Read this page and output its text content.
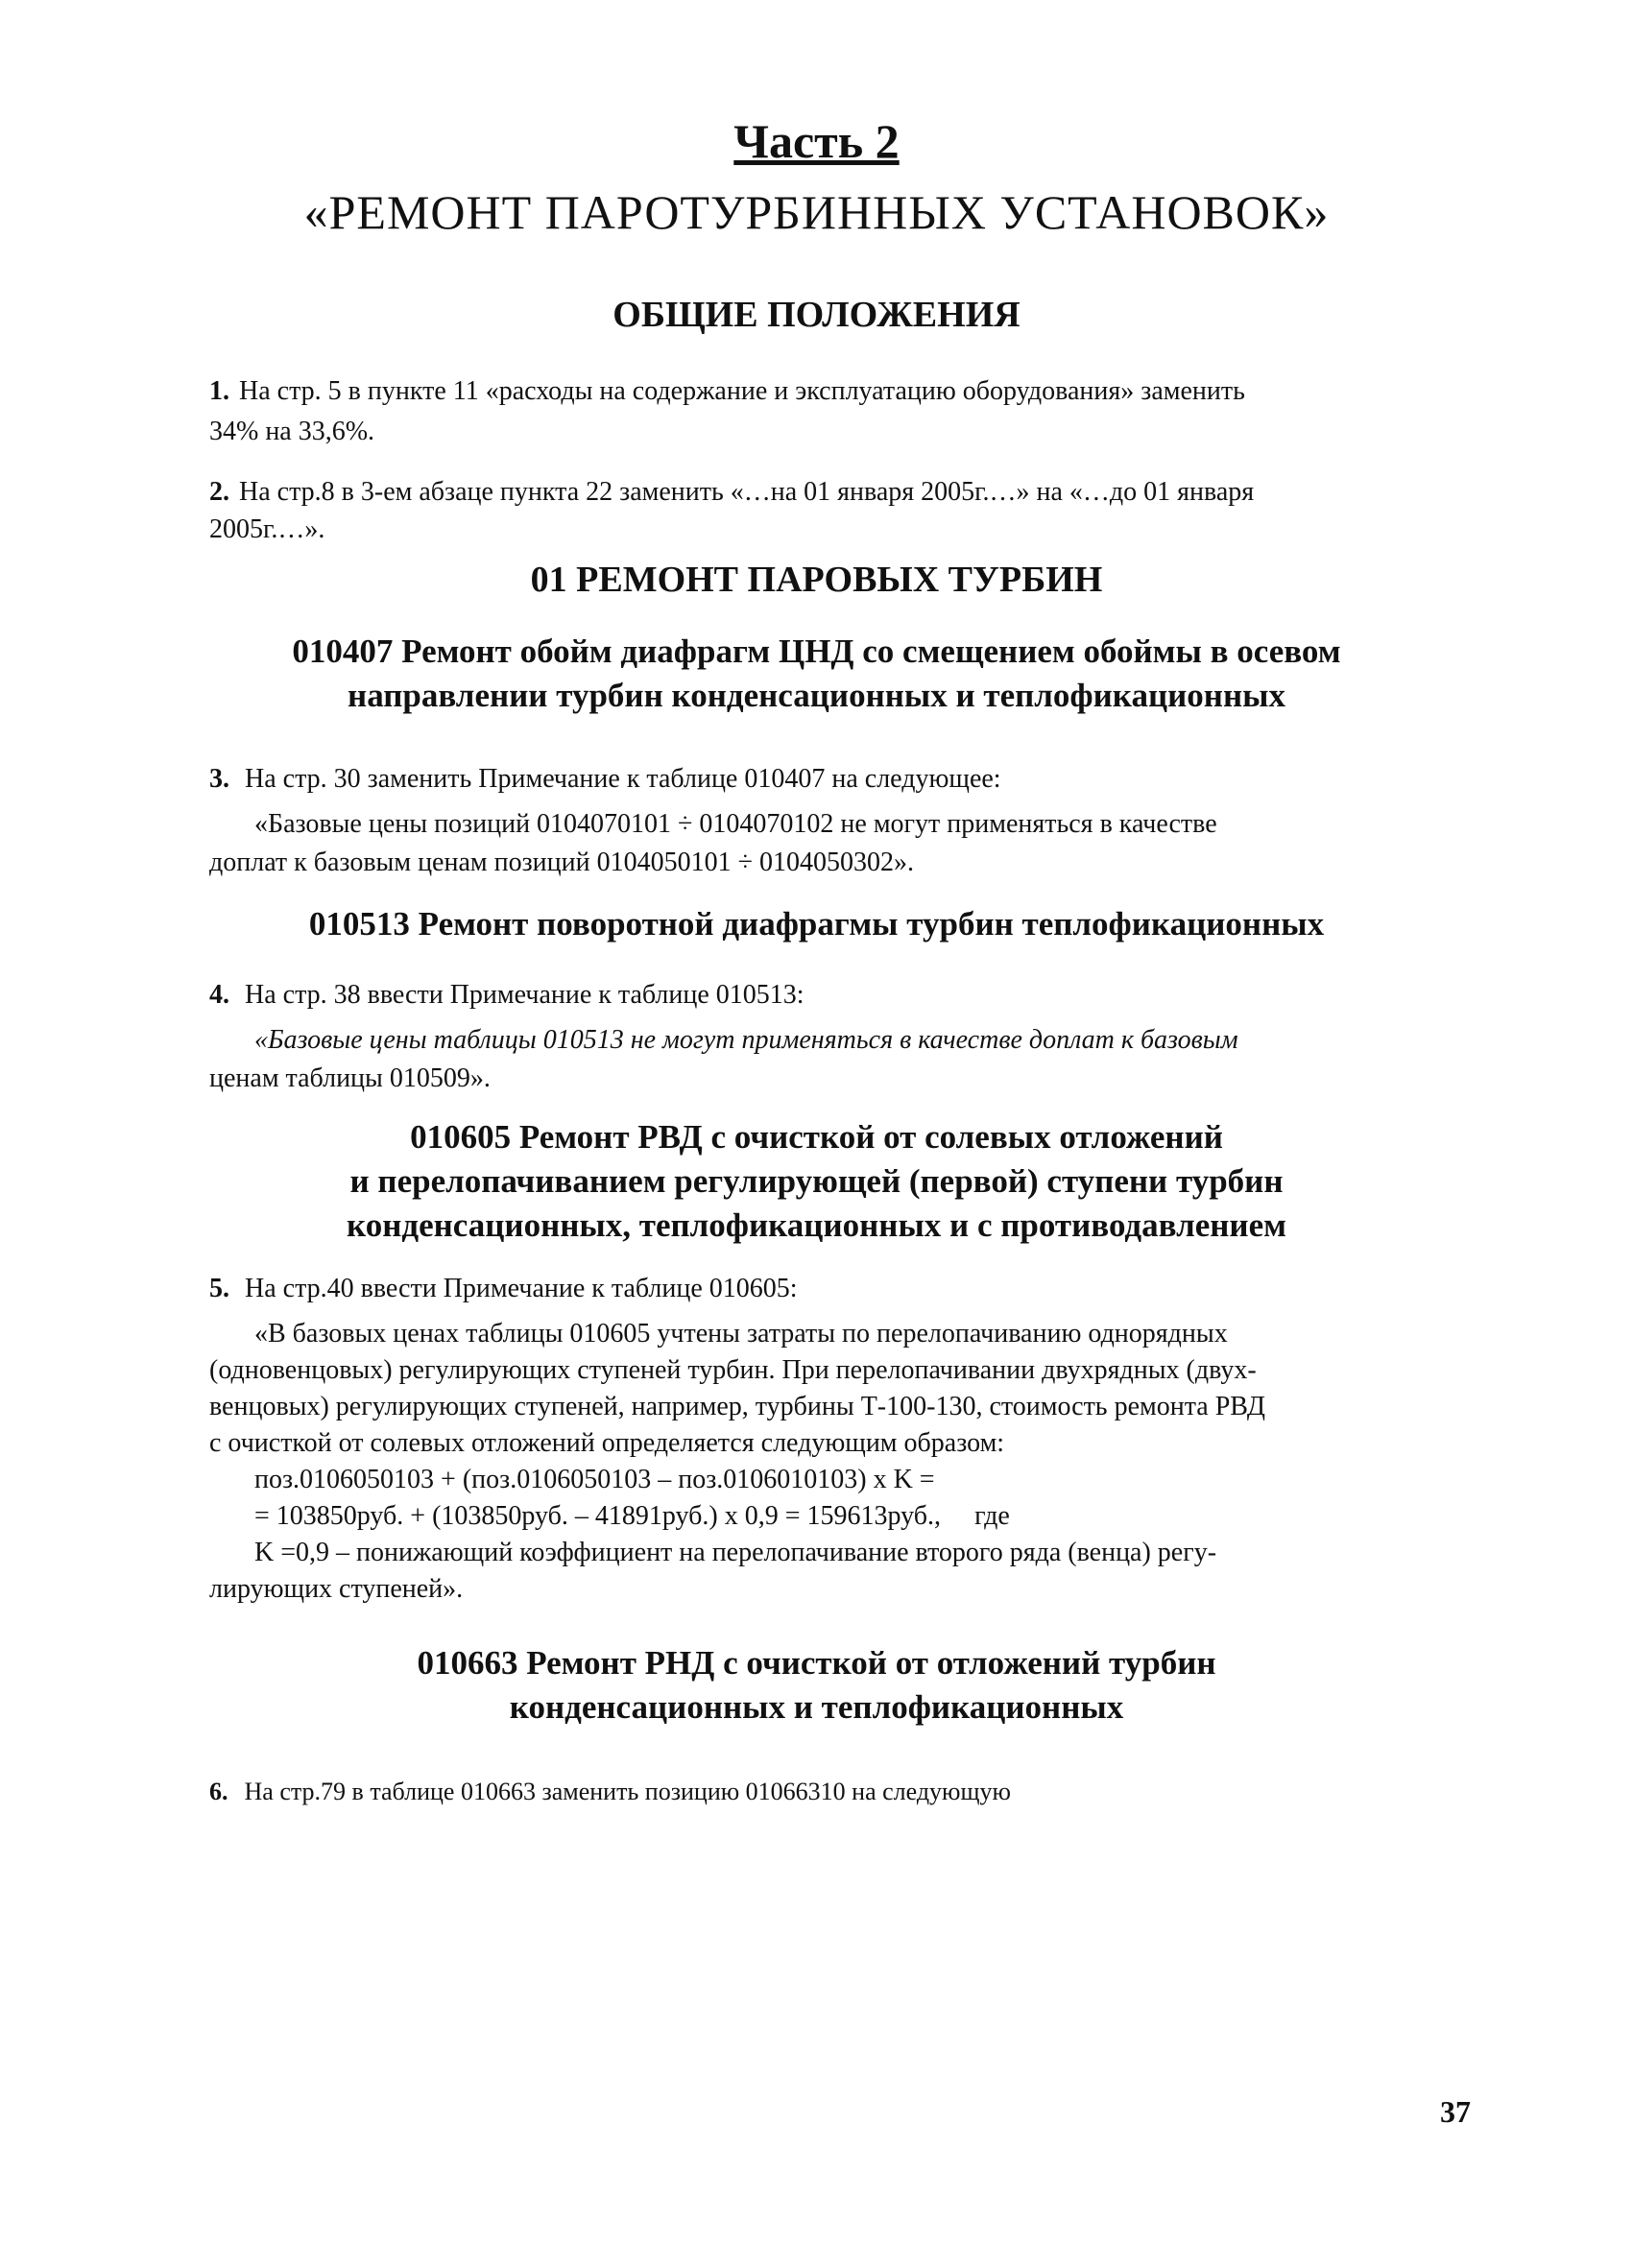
Часть 2
«РЕМОНТ ПАРОТУРБИННЫХ УСТАНОВОК»
ОБЩИЕ ПОЛОЖЕНИЯ
1. На стр. 5 в пункте 11 «расходы на содержание и эксплуатацию оборудования» заменить
34% на 33,6%.
2. На стр.8 в 3-ем абзаце пункта 22 заменить «…на 01 января 2005г.…» на «…до 01 января
2005г.…».
01 РЕМОНТ ПАРОВЫХ ТУРБИН
010407 Ремонт обойм диафрагм ЦНД со смещением обоймы в осевом
направлении турбин конденсационных и теплофикационных
3. На стр. 30 заменить Примечание к таблице 010407 на следующее:
«Базовые цены позиций 0104070101 ÷ 0104070102 не могут применяться в качестве
доплат к базовым ценам позиций 0104050101 ÷ 0104050302».
010513 Ремонт поворотной диафрагмы турбин теплофикационных
4. На стр. 38 ввести Примечание к таблице 010513:
«Базовые цены таблицы 010513 не могут применяться в качестве доплат к базовым
ценам таблицы 010509».
010605 Ремонт РВД с очисткой от солевых отложений
и перелопачиванием регулирующей (первой) ступени турбин
конденсационных, теплофикационных и с противодавлением
5. На стр.40 ввести Примечание к таблице 010605:
«В базовых ценах таблицы 010605 учтены затраты по перелопачиванию однорядных
(одновенцовых) регулирующих ступеней турбин. При перелопачивании двухрядных (двух-
венцовых) регулирующих ступеней, например, турбины Т-100-130, стоимость ремонта РВД
с очисткой от солевых отложений определяется следующим образом:
поз.0106050103 + (поз.0106050103 – поз.0106010103) x K =
= 103850руб. + (103850руб. – 41891руб.) x 0,9 = 159613руб., где
K =0,9 – понижающий коэффициент на перелопачивание второго ряда (венца) регу-
лирующих ступеней».
010663 Ремонт РНД с очисткой от отложений турбин
конденсационных и теплофикационных
6. На стр.79 в таблице 010663 заменить позицию 01066310 на следующую
37
